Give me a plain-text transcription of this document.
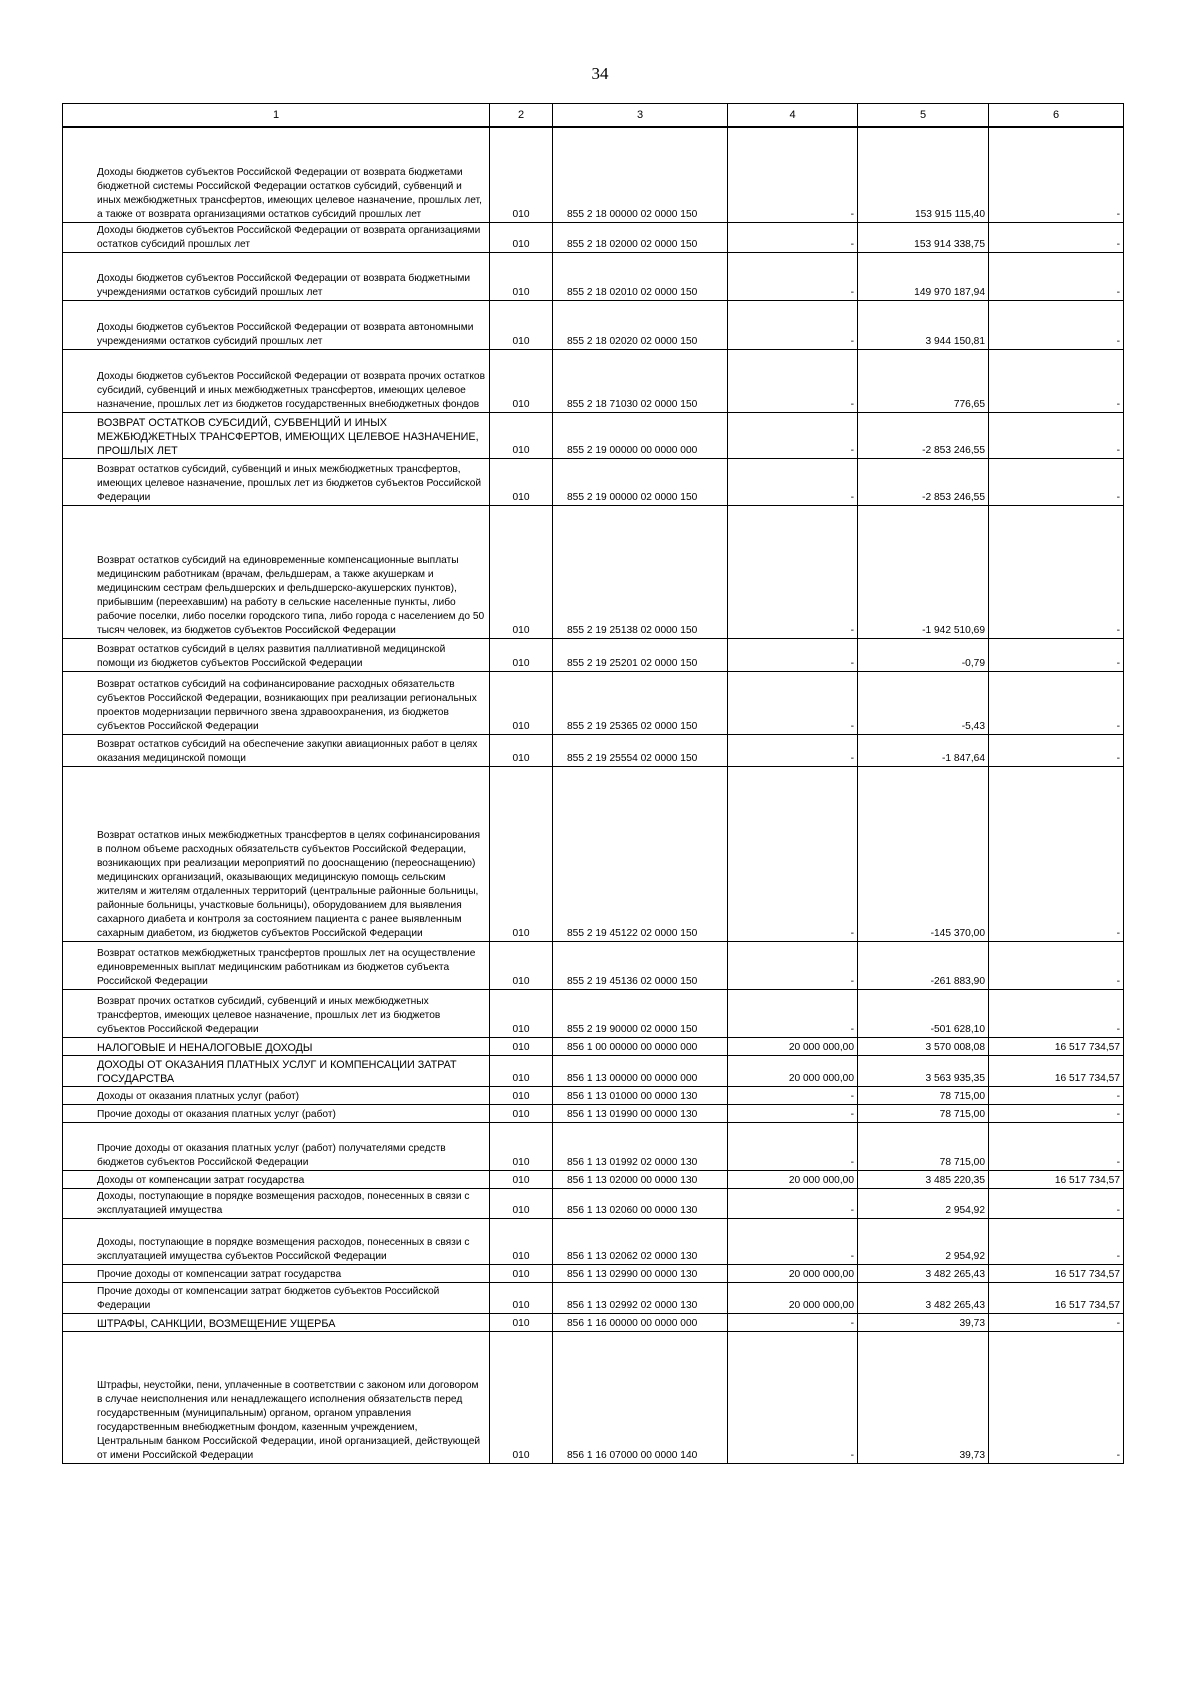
34
1	2	3	4	5	6
Доходы бюджетов субъектов Российской Федерации от возврата бюджетами бюджетной системы Российской Федерации остатков субсидий, субвенций и иных межбюджетных трансфертов, имеющих целевое назначение, прошлых лет, а также от возврата организациями остатков субсидий прошлых лет	010	855 2 18 00000 02 0000 150	-	153 915 115,40	-
Доходы бюджетов субъектов Российской Федерации от возврата организациями остатков субсидий прошлых лет	010	855 2 18 02000 02 0000 150	-	153 914 338,75	-
Доходы бюджетов субъектов Российской Федерации от возврата бюджетными учреждениями остатков субсидий прошлых лет	010	855 2 18 02010 02 0000 150	-	149 970 187,94	-
Доходы бюджетов субъектов Российской Федерации от возврата автономными учреждениями остатков субсидий прошлых лет	010	855 2 18 02020 02 0000 150	-	3 944 150,81	-
Доходы бюджетов субъектов Российской Федерации от возврата прочих остатков субсидий, субвенций и иных межбюджетных трансфертов, имеющих целевое назначение, прошлых лет из бюджетов государственных внебюджетных фондов	010	855 2 18 71030 02 0000 150	-	776,65	-
ВОЗВРАТ ОСТАТКОВ СУБСИДИЙ, СУБВЕНЦИЙ И ИНЫХ МЕЖБЮДЖЕТНЫХ ТРАНСФЕРТОВ, ИМЕЮЩИХ ЦЕЛЕВОЕ НАЗНАЧЕНИЕ, ПРОШЛЫХ ЛЕТ	010	855 2 19 00000 00 0000 000	-	-2 853 246,55	-
Возврат остатков субсидий, субвенций и иных межбюджетных трансфертов, имеющих целевое назначение, прошлых лет из бюджетов субъектов Российской Федерации	010	855 2 19 00000 02 0000 150	-	-2 853 246,55	-
Возврат остатков субсидий на единовременные компенсационные выплаты медицинским работникам (врачам, фельдшерам, а также акушеркам и медицинским сестрам фельдшерских и фельдшерско-акушерских пунктов), прибывшим (переехавшим) на работу в сельские населенные пункты, либо рабочие поселки, либо поселки городского типа, либо города с населением до 50 тысяч человек, из бюджетов субъектов Российской Федерации	010	855 2 19 25138 02 0000 150	-	-1 942 510,69	-
Возврат остатков субсидий в целях развития паллиативной медицинской помощи из бюджетов субъектов Российской Федерации	010	855 2 19 25201 02 0000 150	-	-0,79	-
Возврат остатков субсидий на софинансирование расходных обязательств субъектов Российской Федерации, возникающих при реализации региональных проектов модернизации первичного звена здравоохранения, из бюджетов субъектов Российской Федерации	010	855 2 19 25365 02 0000 150	-	-5,43	-
Возврат остатков субсидий на обеспечение закупки авиационных работ в целях оказания медицинской помощи	010	855 2 19 25554 02 0000 150	-	-1 847,64	-
Возврат остатков иных межбюджетных трансфертов в целях софинансирования в полном объеме расходных обязательств субъектов Российской Федерации, возникающих при реализации мероприятий по дооснащению (переоснащению) медицинских организаций, оказывающих медицинскую помощь сельским жителям и жителям отдаленных территорий (центральные районные больницы, районные больницы, участковые больницы), оборудованием для выявления сахарного диабета и контроля за состоянием пациента с ранее выявленным сахарным диабетом, из бюджетов субъектов Российской Федерации	010	855 2 19 45122 02 0000 150	-	-145 370,00	-
Возврат остатков межбюджетных трансфертов прошлых лет на осуществление единовременных выплат медицинским работникам из бюджетов субъекта Российской Федерации	010	855 2 19 45136 02 0000 150	-	-261 883,90	-
Возврат прочих остатков субсидий, субвенций и иных межбюджетных трансфертов, имеющих целевое назначение, прошлых лет из бюджетов субъектов Российской Федерации	010	855 2 19 90000 02 0000 150	-	-501 628,10	-
НАЛОГОВЫЕ И НЕНАЛОГОВЫЕ ДОХОДЫ	010	856 1 00 00000 00 0000 000	20 000 000,00	3 570 008,08	16 517 734,57
ДОХОДЫ ОТ ОКАЗАНИЯ ПЛАТНЫХ УСЛУГ И КОМПЕНСАЦИИ ЗАТРАТ ГОСУДАРСТВА	010	856 1 13 00000 00 0000 000	20 000 000,00	3 563 935,35	16 517 734,57
Доходы от оказания платных услуг (работ)	010	856 1 13 01000 00 0000 130	-	78 715,00	-
Прочие доходы от оказания платных услуг (работ)	010	856 1 13 01990 00 0000 130	-	78 715,00	-
Прочие доходы от оказания платных услуг (работ) получателями средств бюджетов субъектов Российской Федерации	010	856 1 13 01992 02 0000 130	-	78 715,00	-
Доходы от компенсации затрат государства	010	856 1 13 02000 00 0000 130	20 000 000,00	3 485 220,35	16 517 734,57
Доходы, поступающие в порядке возмещения расходов, понесенных в связи с эксплуатацией имущества	010	856 1 13 02060 00 0000 130	-	2 954,92	-
Доходы, поступающие в порядке возмещения расходов, понесенных в связи с эксплуатацией имущества субъектов Российской Федерации	010	856 1 13 02062 02 0000 130	-	2 954,92	-
Прочие доходы от компенсации затрат государства	010	856 1 13 02990 00 0000 130	20 000 000,00	3 482 265,43	16 517 734,57
Прочие доходы от компенсации затрат бюджетов субъектов Российской Федерации	010	856 1 13 02992 02 0000 130	20 000 000,00	3 482 265,43	16 517 734,57
ШТРАФЫ, САНКЦИИ, ВОЗМЕЩЕНИЕ УЩЕРБА	010	856 1 16 00000 00 0000 000	-	39,73	-
Штрафы, неустойки, пени, уплаченные в соответствии с законом или договором в случае неисполнения или ненадлежащего исполнения обязательств перед государственным (муниципальным) органом, органом управления государственным внебюджетным фондом, казенным учреждением, Центральным банком Российской Федерации, иной организацией, действующей от имени Российской Федерации	010	856 1 16 07000 00 0000 140	-	39,73	-
